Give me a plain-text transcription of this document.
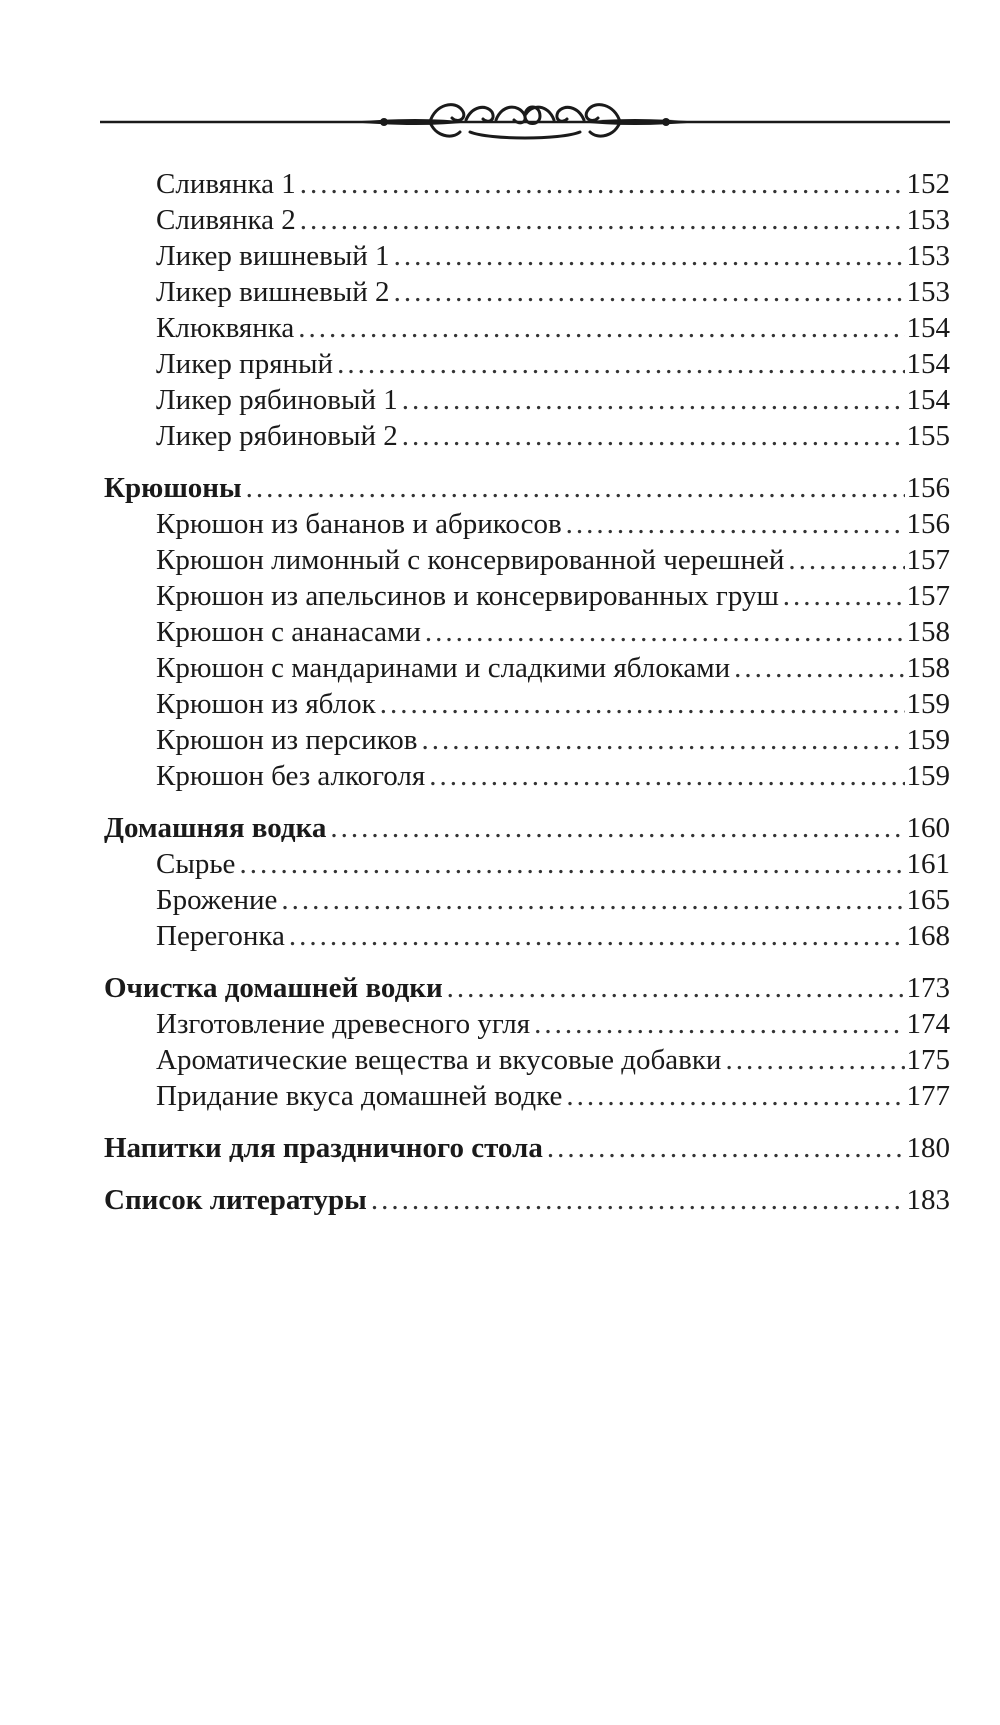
Сливянка 1 .....	152
Сливянка 2 .....	153
Ликер вишневый 1 .....	153
Ликер вишневый 2 .....	153
Клюквянка .....	154
Ликер пряный .....	154
Ликер рябиновый 1 .....	154
Ликер рябиновый 2 .....	155
Крюшоны .....	156
Крюшон из бананов и абрикосов .....	156
Крюшон лимонный с консервированной черешней .....	157
Крюшон из апельсинов и консервированных груш .....	157
Крюшон с ананасами .....	158
Крюшон с мандаринами и сладкими яблоками .....	158
Крюшон из яблок .....	159
Крюшон из персиков .....	159
Крюшон без алкоголя .....	159
Домашняя водка .....	160
Сырье .....	161
Брожение .....	165
Перегонка .....	168
Очистка домашней водки .....	173
Изготовление древесного угля .....	174
Ароматические вещества и вкусовые добавки .....	175
Придание вкуса домашней водке .....	177
Напитки для праздничного стола .....	180
Список литературы .....	183
